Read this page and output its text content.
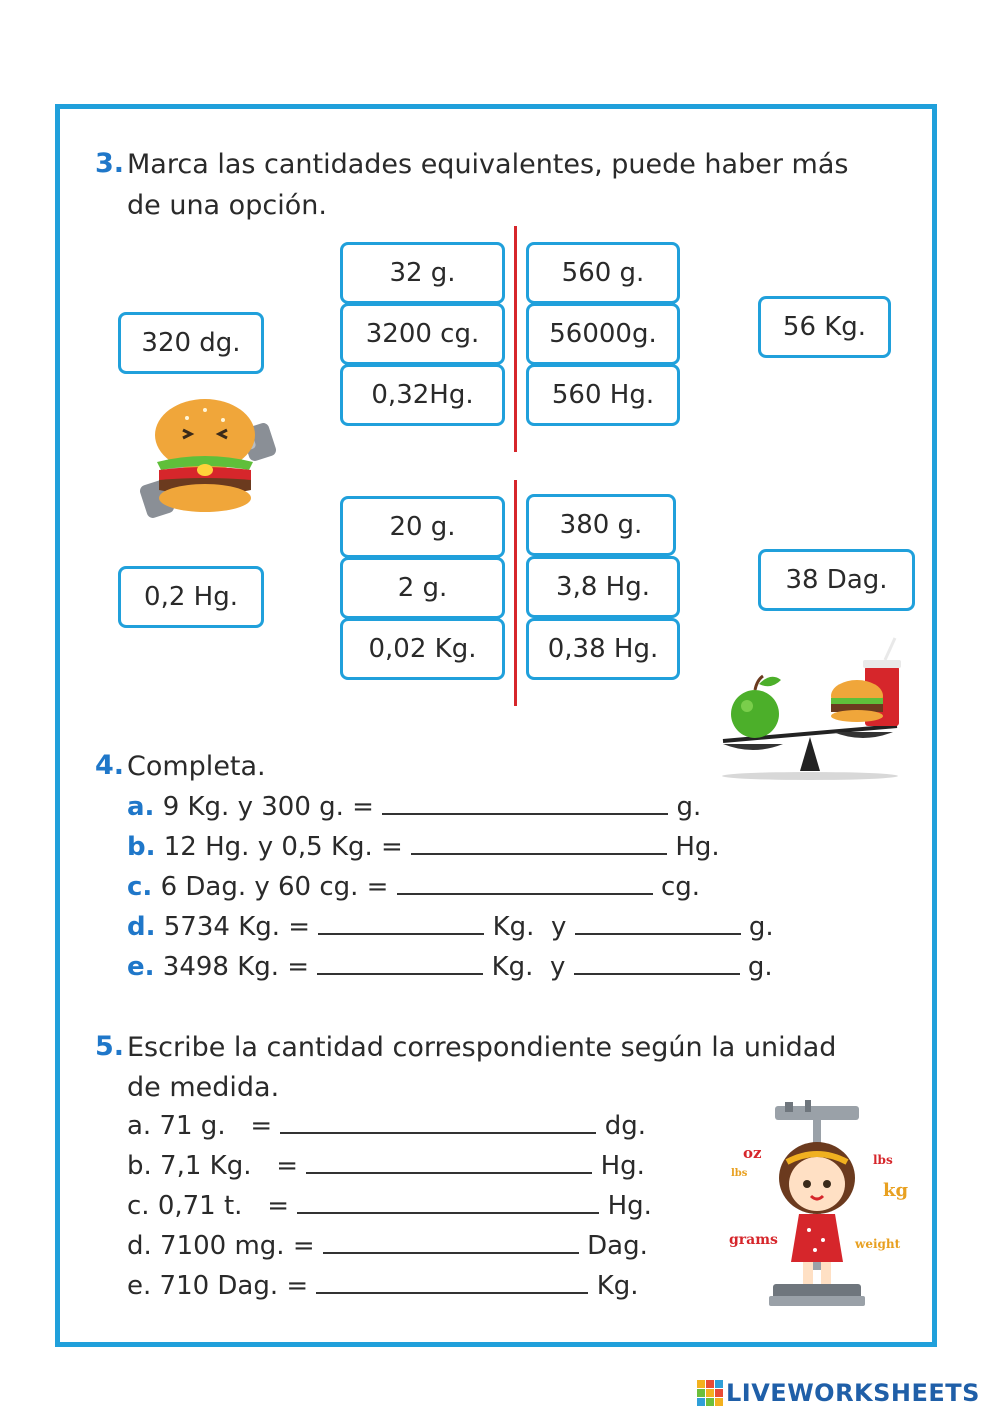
3. Marca las cantidades equivalentes, puede haber más
de una opción.
320 dg.
56 Kg.
32 g.
3200 cg.
0,32Hg.
560 g.
56000g.
560 Hg.
0,2 Hg.
38 Dag.
20 g.
2 g.
0,02 Kg.
380 g.
3,8 Hg.
0,38 Hg.
4. Completa.
a. 9 Kg. y 300 g. =	g.
b. 12 Hg. y 0,5 Kg. =	Hg.
c. 6 Dag. y 60 cg. =	cg.
d. 5734 Kg. =	Kg.  y	g.
e. 3498 Kg. =	Kg.  y	g.
5. Escribe la cantidad correspondiente según la unidad
de medida.
a. 71 g.   =	dg.
b. 7,1 Kg.   =	Hg.
c. 0,71 t.   =	Hg.
d. 7100 mg. =	Dag.
e. 710 Dag. =	Kg.
oz
lbs
lbs
kg
grams	weight
LIVEWORKSHEETS
